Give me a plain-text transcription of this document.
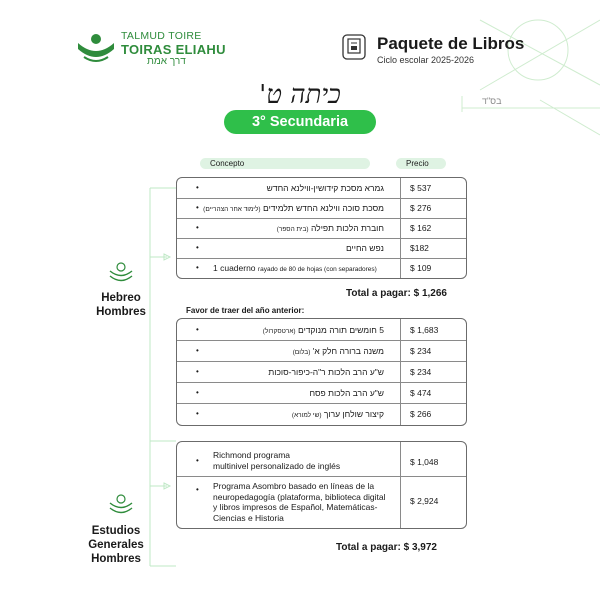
TALMUD TOIRE
TOIRAS ELIAHU
דרך אמת
Paquete de Libros
Ciclo escolar 2025-2026
בס"ד
כיתה ט'
3° Secundaria
Concepto	Precio
Hebreo
Hombres
•	גמרא מסכת קידושין-ווילנא החדש	$ 537
•	מסכת סוכה ווילנא החדש תלמידים (לימוד אחר הצהריים)	$ 276
•	חוברת הלכות תפילה (בית הספר)	$ 162
•	נפש החיים	$182
• 1 cuaderno rayado de 80 de hojas (con separadores)	$ 109
Total a pagar: $ 1,266
Favor de traer del año anterior:
•	5 חומשים תורה מנוקדים (ארטסקרול)	$ 1,683
•	משנה ברורה חלק א' (בלום)	$ 234
•	ש"ע הרב הלכות ר"ה-כיפור-סוכות	$ 234
•	ש"ע הרב הלכות פסח	$ 474
•	קיצור שולחן ערוך (שי למורא)	$ 266
Estudios
Generales
Hombres
•
Richmond programa
multinivel personalizado de inglés	$ 1,048
• Programa Asombro basado en líneas de la
neuropedagogía (plataforma, biblioteca digital
y libros impresos de Español, Matemáticas-
Ciencias e Historia
$ 2,924
Total a pagar: $ 3,972
